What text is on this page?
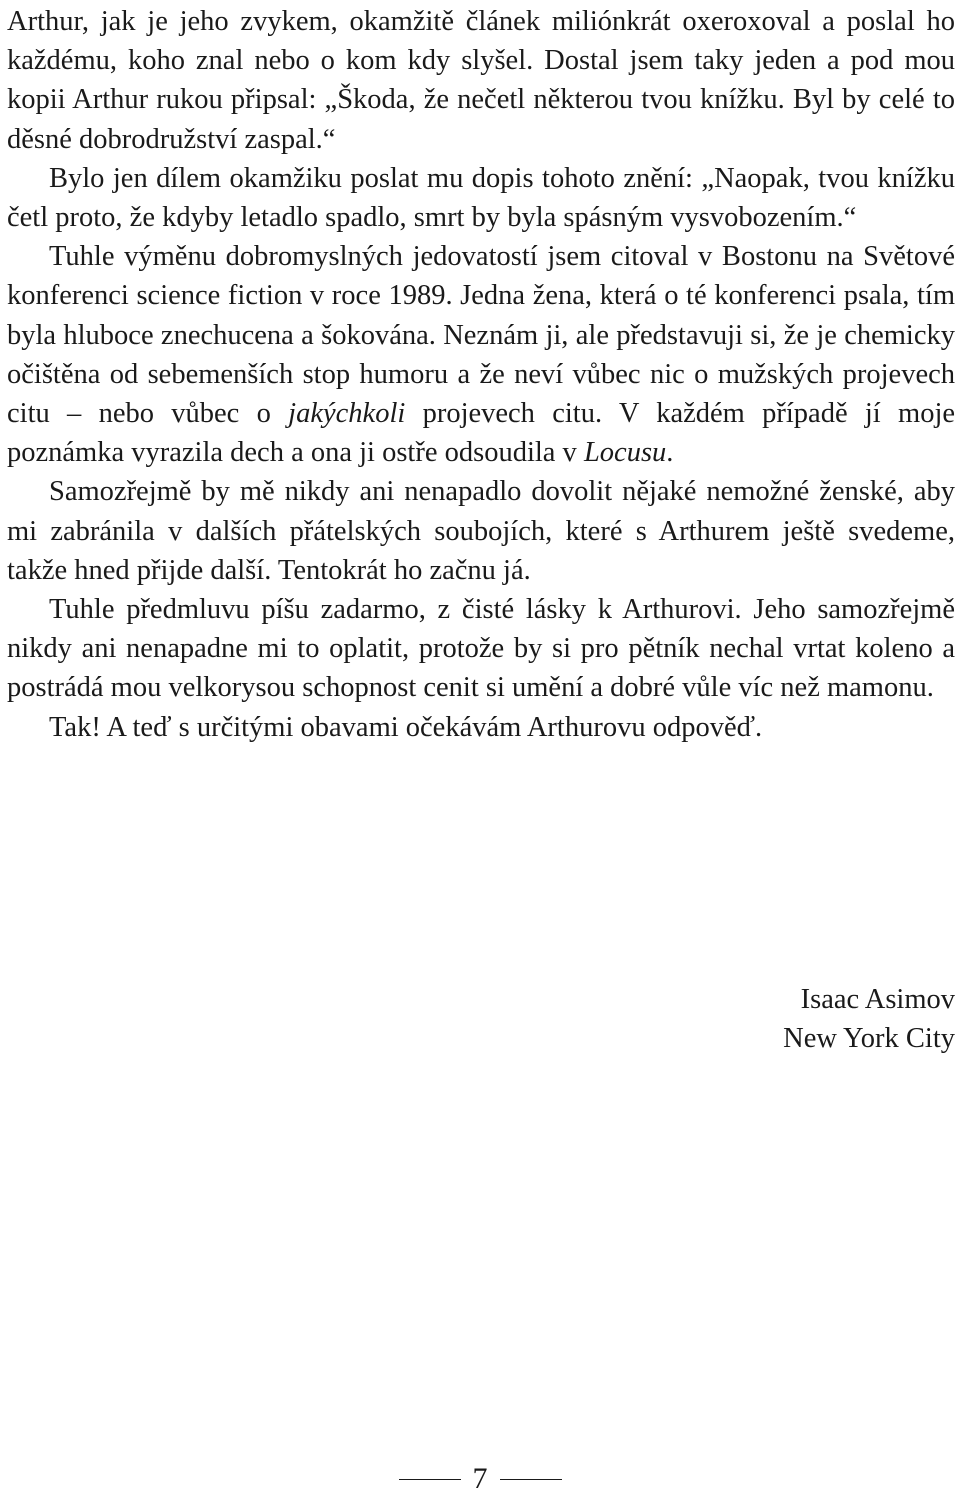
Arthur, jak je jeho zvykem, okamžitě článek miliónkrát oxeroxoval a poslal ho každému, koho znal nebo o kom kdy slyšel. Dostal jsem taky jeden a pod mou kopii Arthur rukou připsal: „Škoda, že nečetl některou tvou knížku. Byl by celé to děsné dobrodružství zaspal.“

Bylo jen dílem okamžiku poslat mu dopis tohoto znění: „Naopak, tvou knížku četl proto, že kdyby letadlo spadlo, smrt by byla spásným vysvobozením.“

Tuhle výměnu dobromyslných jedovatostí jsem citoval v Bostonu na Světové konferenci science fiction v roce 1989. Jedna žena, která o té konferenci psala, tím byla hluboce znechucena a šokována. Neznám ji, ale představuji si, že je chemicky očištěna od sebemenších stop humoru a že neví vůbec nic o mužských projevech citu – nebo vůbec o jakýchkoli projevech citu. V každém případě jí moje poznámka vyrazila dech a ona ji ostře odsoudila v Locusu.

Samozřejmě by mě nikdy ani nenapadlo dovolit nějaké nemožné ženské, aby mi zabránila v dalších přátelských soubojích, které s Arthurem ještě svedeme, takže hned přijde další. Tentokrát ho začnu já.

Tuhle předmluvu píšu zadarmo, z čisté lásky k Arthurovi. Jeho samozřejmě nikdy ani nenapadne mi to oplatit, protože by si pro pětník nechal vrtat koleno a postrádá mou velkorysou schopnost cenit si umění a dobré vůle víc než mamonu.

Tak! A teď s určitými obavami očekávám Arthurovu odpověď.

Isaac Asimov
New York City
7
